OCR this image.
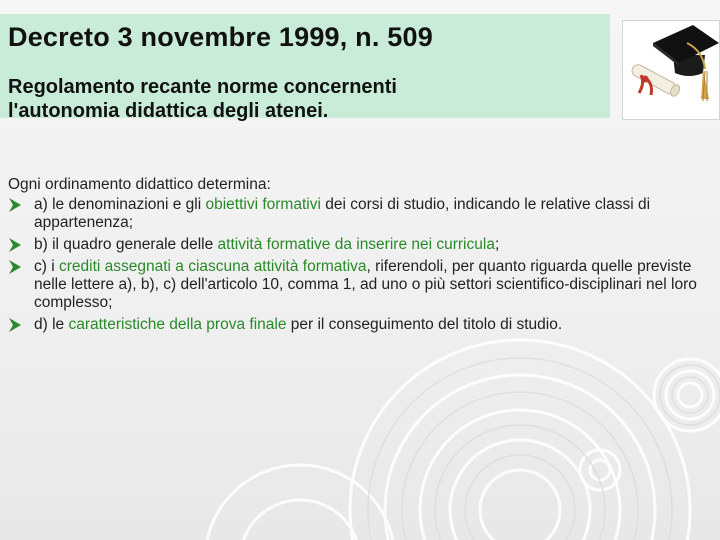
Decreto 3 novembre 1999, n. 509
Regolamento recante norme concernenti
l'autonomia didattica degli atenei.
Ogni ordinamento didattico determina:
a) le denominazioni e gli obiettivi formativi dei corsi di studio, indicando le relative classi di appartenenza;
b) il quadro generale delle attività formative da inserire nei curricula;
c) i crediti assegnati a ciascuna attività formativa, riferendoli, per quanto riguarda quelle previste nelle lettere a), b), c) dell'articolo 10, comma 1, ad uno o più settori scientifico-disciplinari nel loro complesso;
d) le caratteristiche della prova finale per il conseguimento del titolo di studio.
